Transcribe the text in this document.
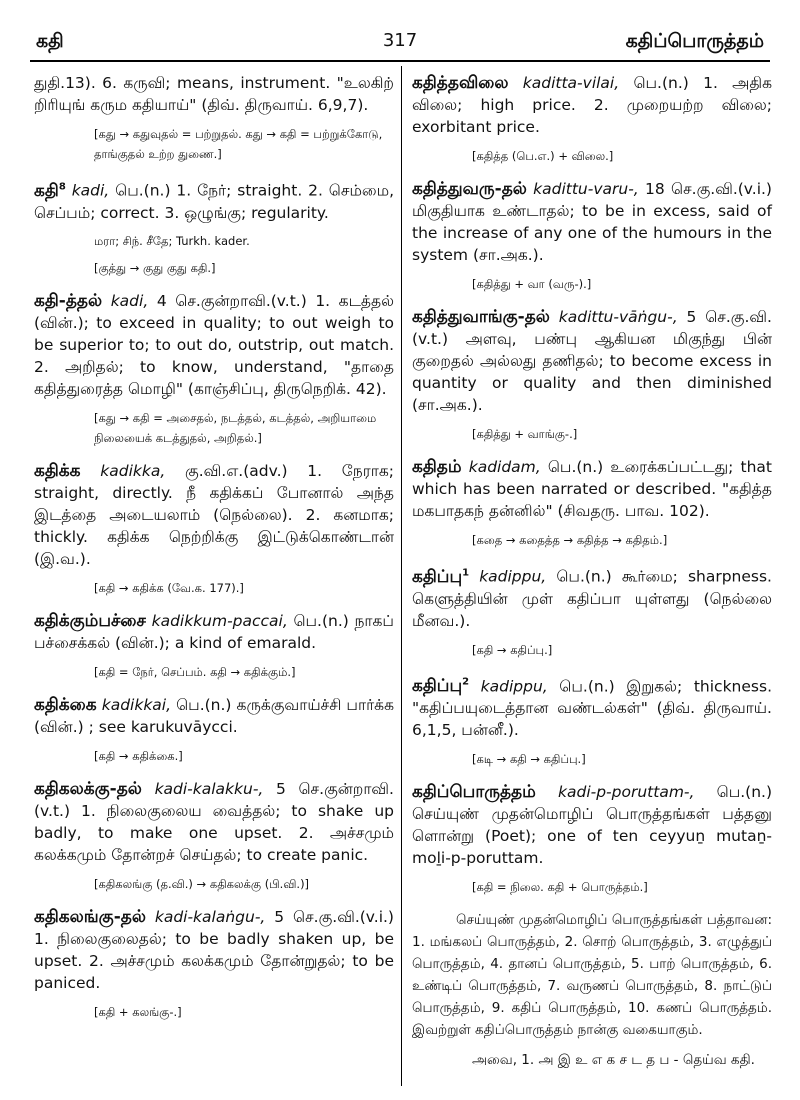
317
கதி	கதிப்பொருத்தம்
துதி.13). 6. கருவி; means, instrument. "உலகிற் றிரியுங் கரும கதியாய்" (திவ். திருவாய். 6,9,7).
[கது → கதுவுதல் = பற்றுதல். கது → கதி = பற்றுக்கோடு, தாங்குதல் உற்ற துணை.]
கதி$^8$ kadi, பெ.(n.) 1. நேர்; straight. 2. செம்மை, செப்பம்; correct. 3. ஒழுங்கு; regularity.
மரா; சிந். சீதே; Turkh. kader.
[குத்து → குது குது கதி.]
கதி-த்தல் kadi, 4 செ.குன்றாவி.(v.t.) 1. கடத்தல் (வின்.); to exceed in quality; to out weigh to be superior to; to out do, outstrip, out match. 2. அறிதல்; to know, understand, "தாதை கதித்துரைத்த மொழி" (காஞ்சிப்பு, திருநெறிக். 42).
[கது → கதி = அசைதல், நடத்தல், கடத்தல், அறியாமை நிலையைக் கடத்துதல், அறிதல்.]
கதிக்க kadikka, கு.வி.எ.(adv.) 1. நேராக; straight, directly. நீ கதிக்கப் போனால் அந்த இடத்தை அடையலாம் (நெல்லை). 2. கனமாக; thickly. கதிக்க நெற்றிக்கு இட்டுக்கொண்டான் (இ.வ.).
[கதி → கதிக்க (வே.க. 177).]
கதிக்கும்பச்சை kadikkum-paccai, பெ.(n.) நாகப் பச்சைக்கல் (வின்.); a kind of emarald.
[கதி = நேர், செப்பம். கதி → கதிக்கும்.]
கதிக்கை kadikkai, பெ.(n.) கருக்குவாய்ச்சி பார்க்க (வின்.) ; see karukuvāycci.
[கதி → கதிக்கை.]
கதிகலக்கு-தல் kadi-kalakku-, 5 செ.குன்றாவி. (v.t.) 1. நிலைகுலைய வைத்தல்; to shake up badly, to make one upset. 2. அச்சமும் கலக்கமும் தோன்றச் செய்தல்; to create panic.
[கதிகலங்கு (த.வி.) → கதிகலக்கு (பி.வி.)]
கதிகலங்கு-தல் kadi-kalaṅgu-, 5 செ.கு.வி.(v.i.) 1. நிலைகுலைதல்; to be badly shaken up, be upset. 2. அச்சமும் கலக்கமும் தோன்றுதல்; to be paniced.
[கதி + கலங்கு-.]
கதித்தவிலை kaditta-vilai, பெ.(n.) 1. அதிக விலை; high price. 2. முறையற்ற விலை; exorbitant price.
[கதித்த (பெ.எ.) + விலை.]
கதித்துவரு-தல் kadittu-varu-, 18 செ.கு.வி.(v.i.) மிகுதியாக உண்டாதல்; to be in excess, said of the increase of any one of the humours in the system (சா.அக.).
[கதித்து + வா (வரு-).]
கதித்துவாங்கு-தல் kadittu-vāṅgu-, 5 செ.கு.வி. (v.t.) அளவு, பண்பு ஆகியன மிகுந்து பின் குறைதல் அல்லது தணிதல்; to become excess in quantity or quality and then diminished (சா.அக.).
[கதித்து + வாங்கு-.]
கதிதம் kadidam, பெ.(n.) உரைக்கப்பட்டது; that which has been narrated or described. "கதித்த மகபாதகந் தன்னில்" (சிவதரு. பாவ. 102).
[கதை → கதைத்த → கதித்த → கதிதம்.]
கதிப்பு$^1$ kadippu, பெ.(n.) கூர்மை; sharpness. கெளுத்தியின் முள் கதிப்பா யுள்ளது (நெல்லை மீனவ.).
[கதி → கதிப்பு.]
கதிப்பு$^2$ kadippu, பெ.(n.) இறுகல்; thickness. "கதிப்பயுடைத்தான வண்டல்கள்" (திவ். திருவாய். 6,1,5, பன்னீ.).
[கடி → கதி → கதிப்பு.]
கதிப்பொருத்தம் kadi-p-poruttam-, பெ.(n.) செய்யுண் முதன்மொழிப் பொருத்தங்கள் பத்தனு ளொன்று (Poet); one of ten ceyyuṉ mutaṉ-moḻi-p-poruttam.
[கதி = நிலை. கதி + பொருத்தம்.]
செய்யுண் முதன்மொழிப் பொருத்தங்கள் பத்தாவன: 1. மங்கலப் பொருத்தம், 2. சொற் பொருத்தம், 3. எழுத்துப் பொருத்தம், 4. தானப் பொருத்தம், 5. பாற் பொருத்தம், 6. உண்டிப் பொருத்தம், 7. வருணப் பொருத்தம், 8. நாட்டுப் பொருத்தம், 9. கதிப் பொருத்தம், 10. கணப் பொருத்தம். இவற்றுள் கதிப்பொருத்தம் நான்கு வகையாகும்.
அவை, 1. அ இ உ எ க ச ட த ப - தெய்வ கதி.
